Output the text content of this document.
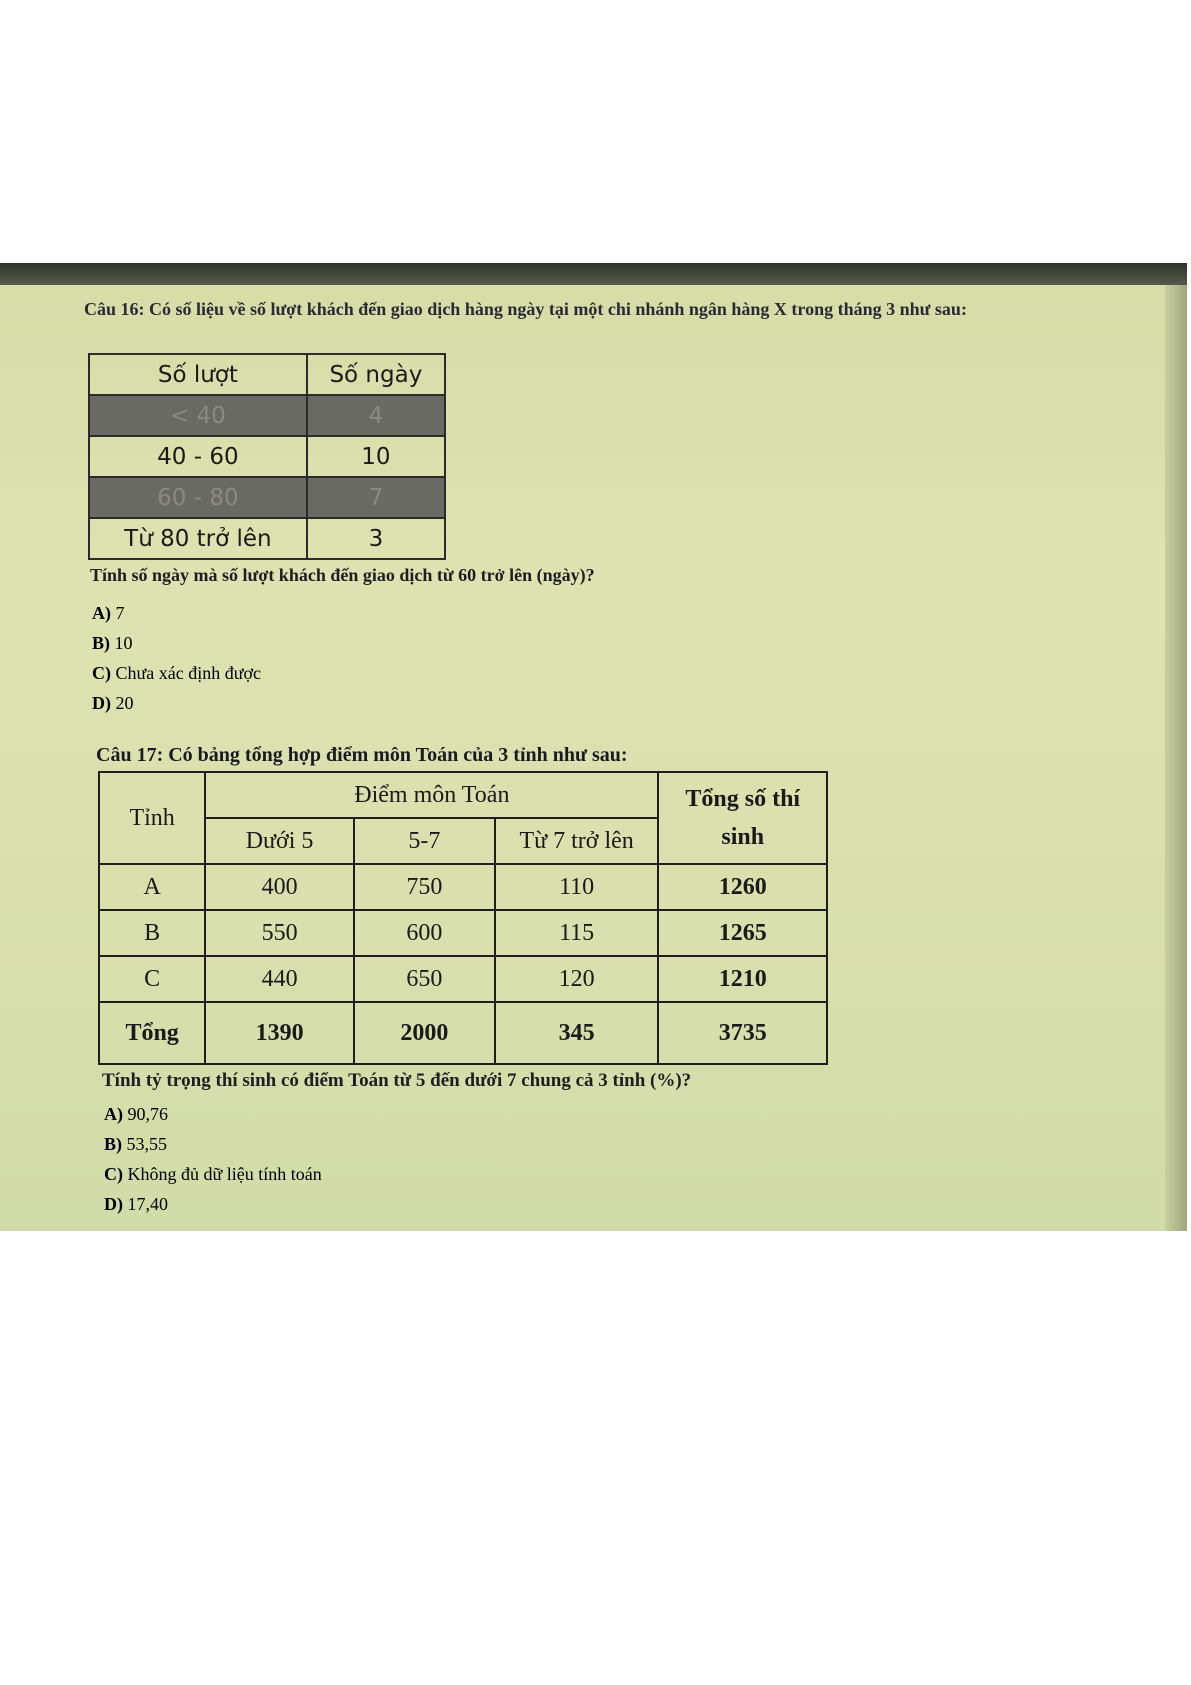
Câu 16: Có số liệu về số lượt khách đến giao dịch hàng ngày tại một chi nhánh ngân hàng X trong tháng 3 như sau:
Số lượt	Số ngày
< 40	4
40 - 60	10
60 - 80	7
Từ 80 trở lên	3
Tính số ngày mà số lượt khách đến giao dịch từ 60 trở lên (ngày)?
A) 7
B) 10
C) Chưa xác định được
D) 20
Câu 17: Có bảng tổng hợp điểm môn Toán của 3 tỉnh như sau:
Tỉnh	Điểm môn Toán			Tổng số thí sinh
	Dưới 5	5-7	Từ 7 trở lên	
A	400	750	110	1260
B	550	600	115	1265
C	440	650	120	1210
Tổng	1390	2000	345	3735
Tính tỷ trọng thí sinh có điểm Toán từ 5 đến dưới 7 chung cả 3 tỉnh (%)?
A) 90,76
B) 53,55
C) Không đủ dữ liệu tính toán
D) 17,40
